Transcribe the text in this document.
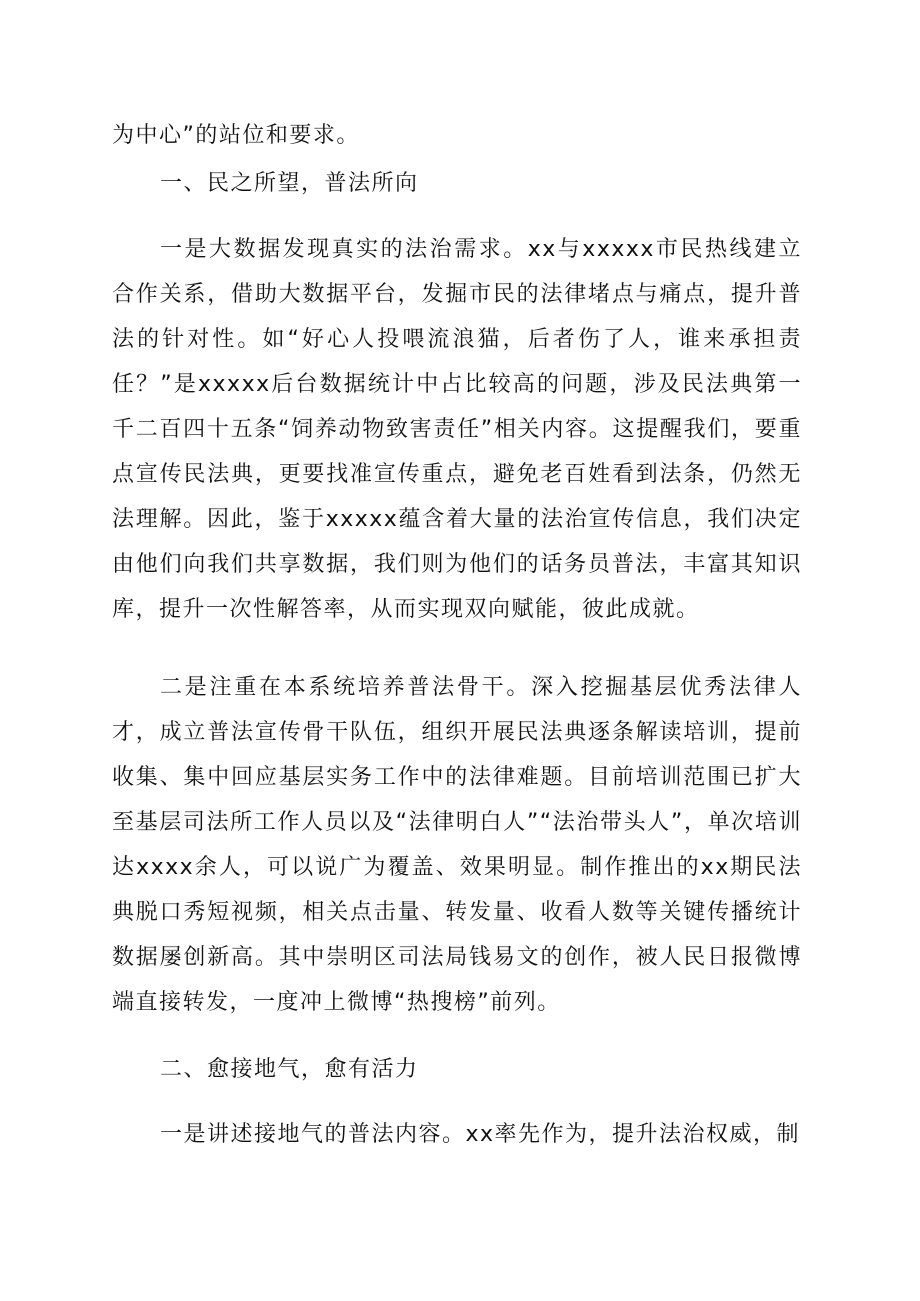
为中心”的站位和要求。

一、民之所望，普法所向

一是大数据发现真实的法治需求。xx与xxxxx市民热线建立合作关系，借助大数据平台，发掘市民的法律堵点与痛点，提升普法的针对性。如“好心人投喂流浪猫，后者伤了人，谁来承担责任？”是xxxxx后台数据统计中占比较高的问题，涉及民法典第一千二百四十五条“饲养动物致害责任”相关内容。这提醒我们，要重点宣传民法典，更要找准宣传重点，避免老百姓看到法条，仍然无法理解。因此，鉴于xxxxx蕴含着大量的法治宣传信息，我们决定由他们向我们共享数据，我们则为他们的话务员普法，丰富其知识库，提升一次性解答率，从而实现双向赋能，彼此成就。

二是注重在本系统培养普法骨干。深入挖掘基层优秀法律人才，成立普法宣传骨干队伍，组织开展民法典逐条解读培训，提前收集、集中回应基层实务工作中的法律难题。目前培训范围已扩大至基层司法所工作人员以及“法律明白人”“法治带头人”，单次培训达xxxx余人，可以说广为覆盖、效果明显。制作推出的xx期民法典脱口秀短视频，相关点击量、转发量、收看人数等关键传播统计数据屡创新高。其中崇明区司法局钱易文的创作，被人民日报微博端直接转发，一度冲上微博“热搜榜”前列。

二、愈接地气，愈有活力

一是讲述接地气的普法内容。xx率先作为，提升法治权威，制
